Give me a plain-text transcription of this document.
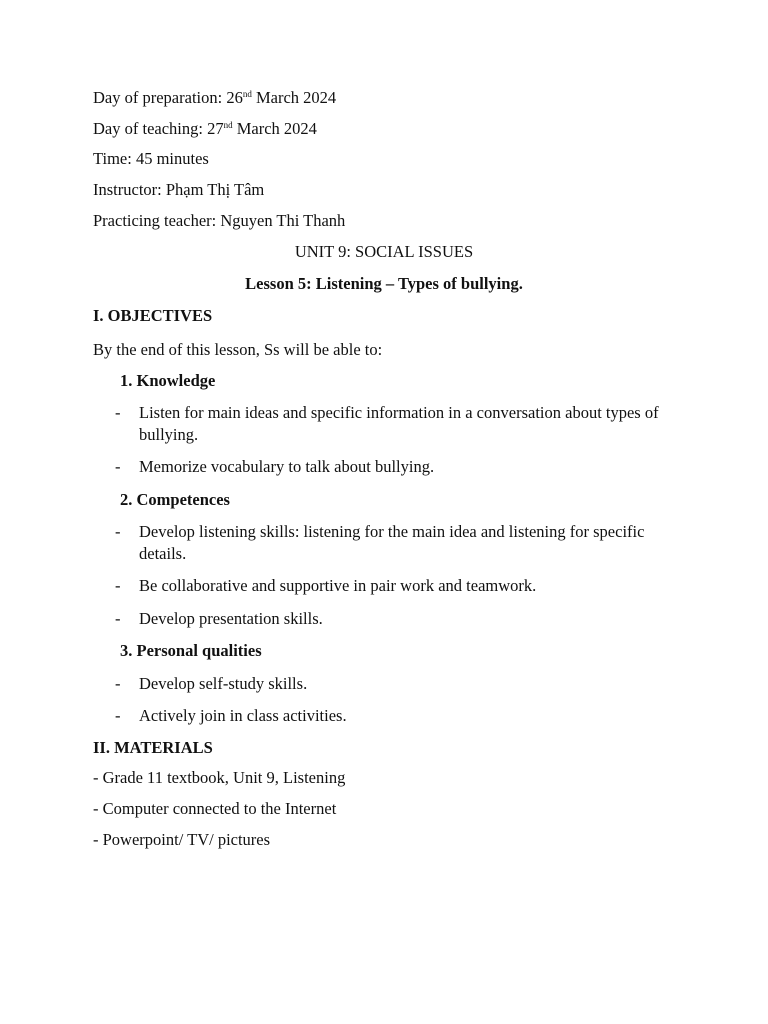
Day of preparation: 26nd March 2024
Day of teaching: 27nd March 2024
Time: 45 minutes
Instructor: Phạm Thị Tâm
Practicing teacher: Nguyen Thi Thanh
UNIT 9: SOCIAL ISSUES
Lesson 5: Listening – Types of bullying.
I. OBJECTIVES
By the end of this lesson, Ss will be able to:
1. Knowledge
- Listen for main ideas and specific information in a conversation about types of bullying.
- Memorize vocabulary to talk about bullying.
2. Competences
- Develop listening skills: listening for the main idea and listening for specific details.
- Be collaborative and supportive in pair work and teamwork.
- Develop presentation skills.
3. Personal qualities
- Develop self-study skills.
- Actively join in class activities.
II. MATERIALS
- Grade 11 textbook, Unit 9, Listening
- Computer connected to the Internet
- Powerpoint/ TV/ pictures
